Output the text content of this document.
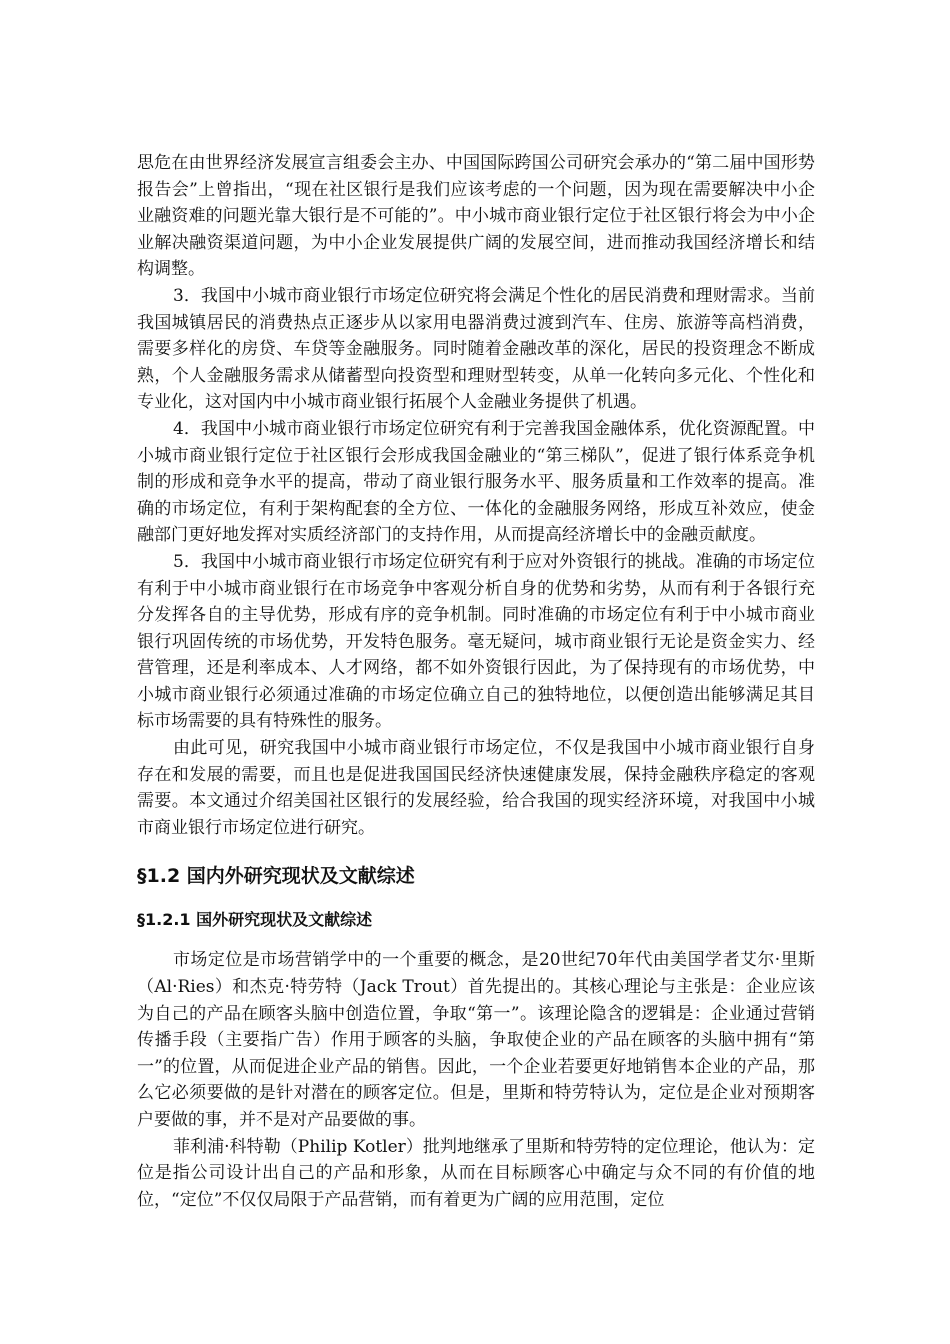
思危在由世界经济发展宣言组委会主办、中国国际跨国公司研究会承办的“第二届中国形势报告会”上曾指出，“现在社区银行是我们应该考虑的一个问题，因为现在需要解决中小企业融资难的问题光靠大银行是不可能的”。中小城市商业银行定位于社区银行将会为中小企业解决融资渠道问题，为中小企业发展提供广阔的发展空间，进而推动我国经济增长和结构调整。

3．我国中小城市商业银行市场定位研究将会满足个性化的居民消费和理财需求。当前我国城镇居民的消费热点正逐步从以家用电器消费过渡到汽车、住房、旅游等高档消费，需要多样化的房贷、车贷等金融服务。同时随着金融改革的深化，居民的投资理念不断成熟，个人金融服务需求从储蓄型向投资型和理财型转变，从单一化转向多元化、个性化和专业化，这对国内中小城市商业银行拓展个人金融业务提供了机遇。

4．我国中小城市商业银行市场定位研究有利于完善我国金融体系，优化资源配置。中小城市商业银行定位于社区银行会形成我国金融业的“第三梯队”，促进了银行体系竞争机制的形成和竞争水平的提高，带动了商业银行服务水平、服务质量和工作效率的提高。准确的市场定位，有利于架构配套的全方位、一体化的金融服务网络，形成互补效应，使金融部门更好地发挥对实质经济部门的支持作用，从而提高经济增长中的金融贡献度。

5．我国中小城市商业银行市场定位研究有利于应对外资银行的挑战。准确的市场定位有利于中小城市商业银行在市场竞争中客观分析自身的优势和劣势，从而有利于各银行充分发挥各自的主导优势，形成有序的竞争机制。同时准确的市场定位有利于中小城市商业银行巩固传统的市场优势，开发特色服务。毫无疑问，城市商业银行无论是资金实力、经营管理，还是利率成本、人才网络，都不如外资银行因此，为了保持现有的市场优势，中小城市商业银行必须通过准确的市场定位确立自己的独特地位，以便创造出能够满足其目标市场需要的具有特殊性的服务。

由此可见，研究我国中小城市商业银行市场定位，不仅是我国中小城市商业银行自身存在和发展的需要，而且也是促进我国国民经济快速健康发展，保持金融秩序稳定的客观需要。本文通过介绍美国社区银行的发展经验，给合我国的现实经济环境，对我国中小城市商业银行市场定位进行研究。

§1.2 国内外研究现状及文献综述
§1.2.1 国外研究现状及文献综述

市场定位是市场营销学中的一个重要的概念，是20世纪70年代由美国学者艾尔·里斯（Al·Ries）和杰克·特劳特（Jack Trout）首先提出的。其核心理论与主张是：企业应该为自己的产品在顾客头脑中创造位置，争取“第一”。该理论隐含的逻辑是：企业通过营销传播手段（主要指广告）作用于顾客的头脑，争取使企业的产品在顾客的头脑中拥有“第一”的位置，从而促进企业产品的销售。因此，一个企业若要更好地销售本企业的产品，那么它必须要做的是针对潜在的顾客定位。但是，里斯和特劳特认为，定位是企业对预期客户要做的事，并不是对产品要做的事。

菲利浦·科特勒（Philip Kotler）批判地继承了里斯和特劳特的定位理论，他认为：定位是指公司设计出自己的产品和形象，从而在目标顾客心中确定与众不同的有价值的地位，“定位”不仅仅局限于产品营销，而有着更为广阔的应用范围，定位
